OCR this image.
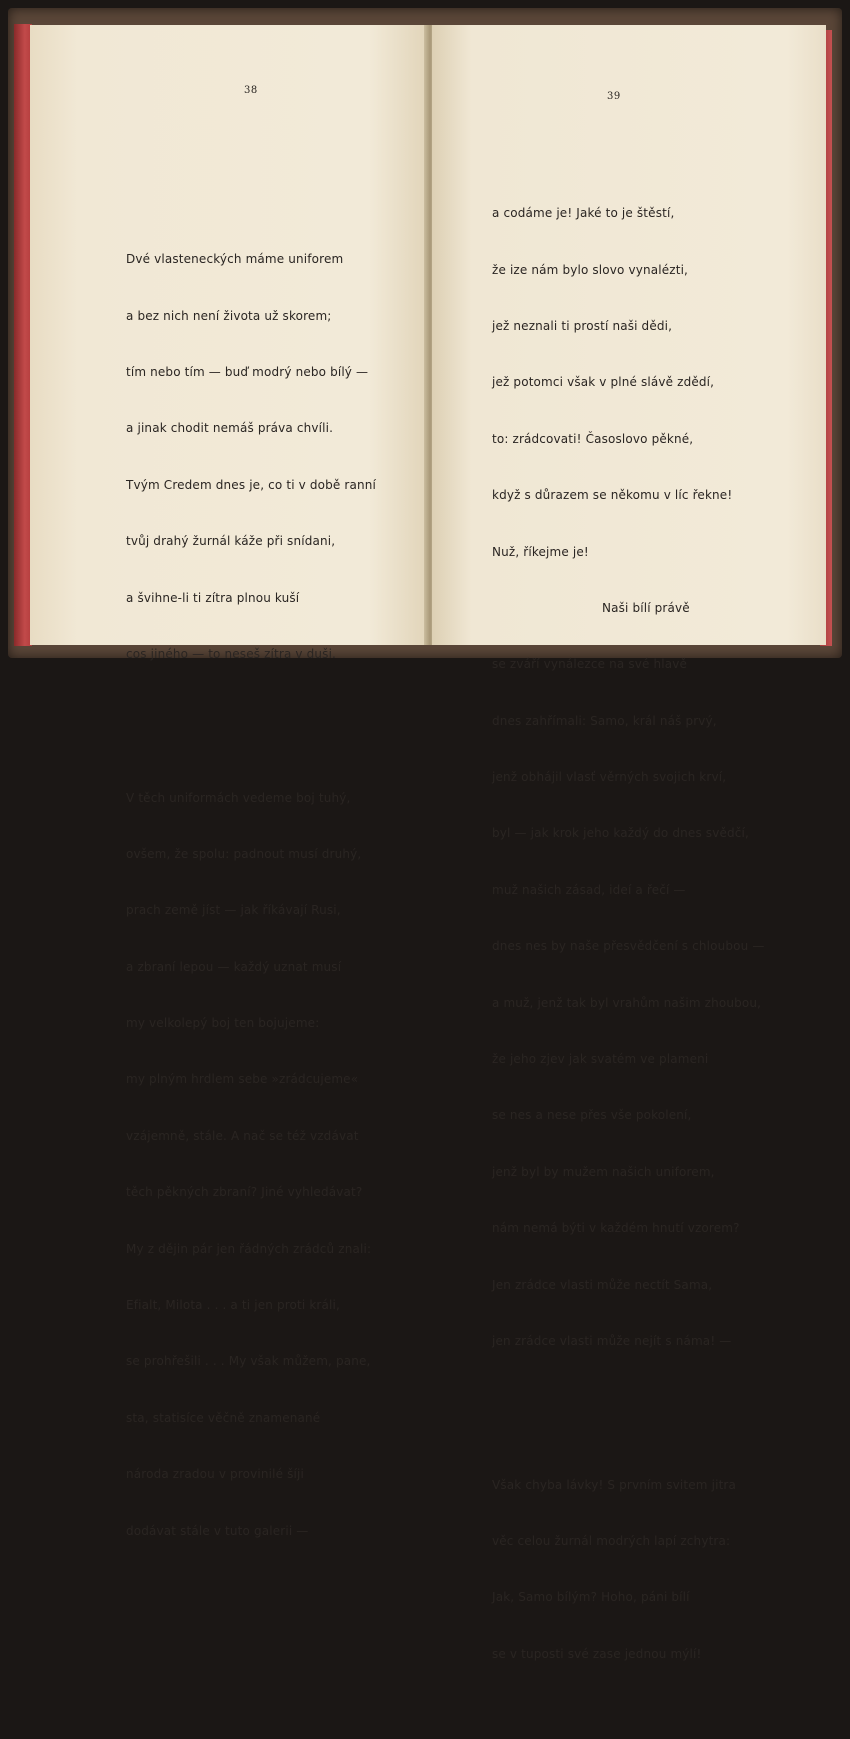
38

Dvé vlasteneckých máme uniforem

a bez nich není života už skorem;

tím nebo tím — buď modrý nebo bílý —

a jinak chodit nemáš práva chvíli.

Tvým Credem dnes je, co ti v době ranní

tvůj drahý žurnál káže při snídani,

a švihne-li ti zítra plnou kuší

cos jiného — to neseš zítra v duši.

V těch uniformách vedeme boj tuhý,

ovšem, že spolu: padnout musí druhý,

prach země jíst — jak říkávají Rusi,

a zbraní lepou — každý uznat musí

my velkolepý boj ten bojujeme:

my plným hrdlem sebe »zrádcujeme«

vzájemně, stále. A nač se též vzdávat

těch pěkných zbraní? Jiné vyhledávat?

My z dějin pár jen řádných zrádců znali:

Efialt, Milota . . . a ti jen proti králi,

se prohřešili . . . My však můžem, pane,

sta, statisíce věčně znamenané

národa zradou v provinilé šíji

dodávat stále v tuto galerii —

39

a codáme je! Jaké to je štěstí,

že ize nám bylo slovo vynalézti,

jež neznali ti prostí naši dědi,

jež potomci však v plné slávě zdědí,

to: zrádcovati! Časoslovo pěkné,

když s důrazem se někomu v líc řekne!

Nuž, říkejme je!

Naši bílí právě

se zváří vynálezce na své hlavě

dnes zahřímali: Samo, král náš prvý,

jenž obhájil vlasť věrných svojich krví,

byl — jak krok jeho každý do dnes svědčí,

muž našich zásad, ideí a řečí —

dnes nes by naše přesvědčení s chloubou —

a muž, jenž tak byl vrahům našim zhoubou,

že jeho zjev jak svatém ve plameni

se nes a nese přes vše pokolení,

jenž byl by mužem našich uniforem,

nám nemá býti v každém hnutí vzorem?

Jen zrádce vlasti může nectít Sama,

jen zrádce vlasti může nejít s náma! —

Však chyba lávky! S prvním svitem jitra

věc celou žurnál modrých lapí zchytra:

Jak, Samo bílým? Hoho, páni bílí

se v tuposti své zase jednou mýlí!
